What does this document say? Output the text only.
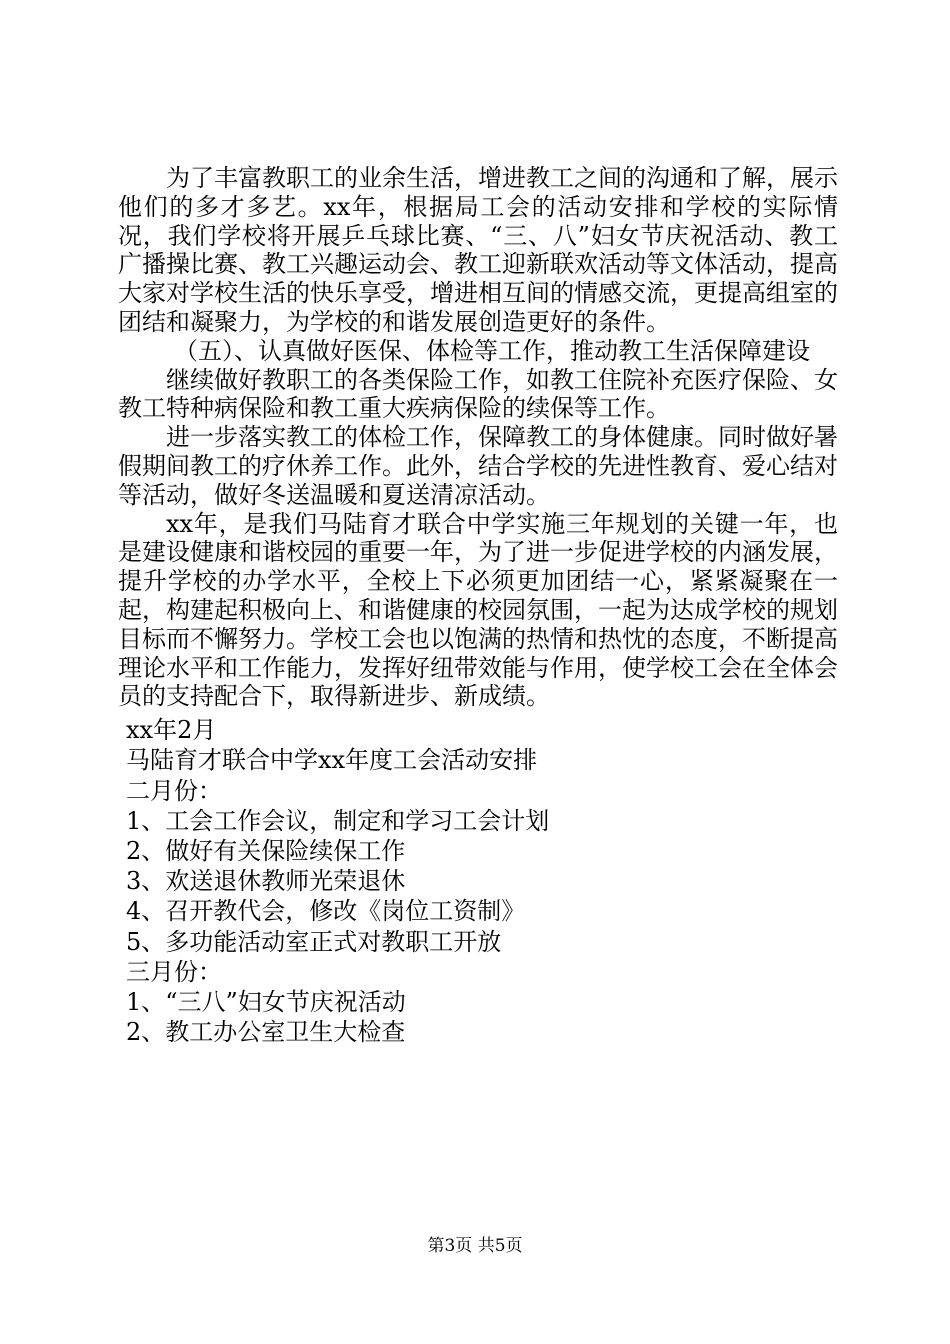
为了丰富教职工的业余生活，增进教工之间的沟通和了解，展示他们的多才多艺。xx年，根据局工会的活动安排和学校的实际情况，我们学校将开展乒乓球比赛、“三、八”妇女节庆祝活动、教工广播操比赛、教工兴趣运动会、教工迎新联欢活动等文体活动，提高大家对学校生活的快乐享受，增进相互间的情感交流，更提高组室的团结和凝聚力，为学校的和谐发展创造更好的条件。

（五）、认真做好医保、体检等工作，推动教工生活保障建设

继续做好教职工的各类保险工作，如教工住院补充医疗保险、女教工特种病保险和教工重大疾病保险的续保等工作。

进一步落实教工的体检工作，保障教工的身体健康。同时做好暑假期间教工的疗休养工作。此外，结合学校的先进性教育、爱心结对等活动，做好冬送温暖和夏送清凉活动。

xx年，是我们马陆育才联合中学实施三年规划的关键一年，也是建设健康和谐校园的重要一年，为了进一步促进学校的内涵发展，提升学校的办学水平，全校上下必须更加团结一心，紧紧凝聚在一起，构建起积极向上、和谐健康的校园氛围，一起为达成学校的规划目标而不懈努力。学校工会也以饱满的热情和热忱的态度，不断提高理论水平和工作能力，发挥好纽带效能与作用，使学校工会在全体会员的支持配合下，取得新进步、新成绩。

xx年2月

马陆育才联合中学xx年度工会活动安排

二月份：

1、工会工作会议，制定和学习工会计划

2、做好有关保险续保工作

3、欢送退休教师光荣退休

4、召开教代会，修改《岗位工资制》

5、多功能活动室正式对教职工开放

三月份：

1、“三八”妇女节庆祝活动

2、教工办公室卫生大检查

第3页 共5页
